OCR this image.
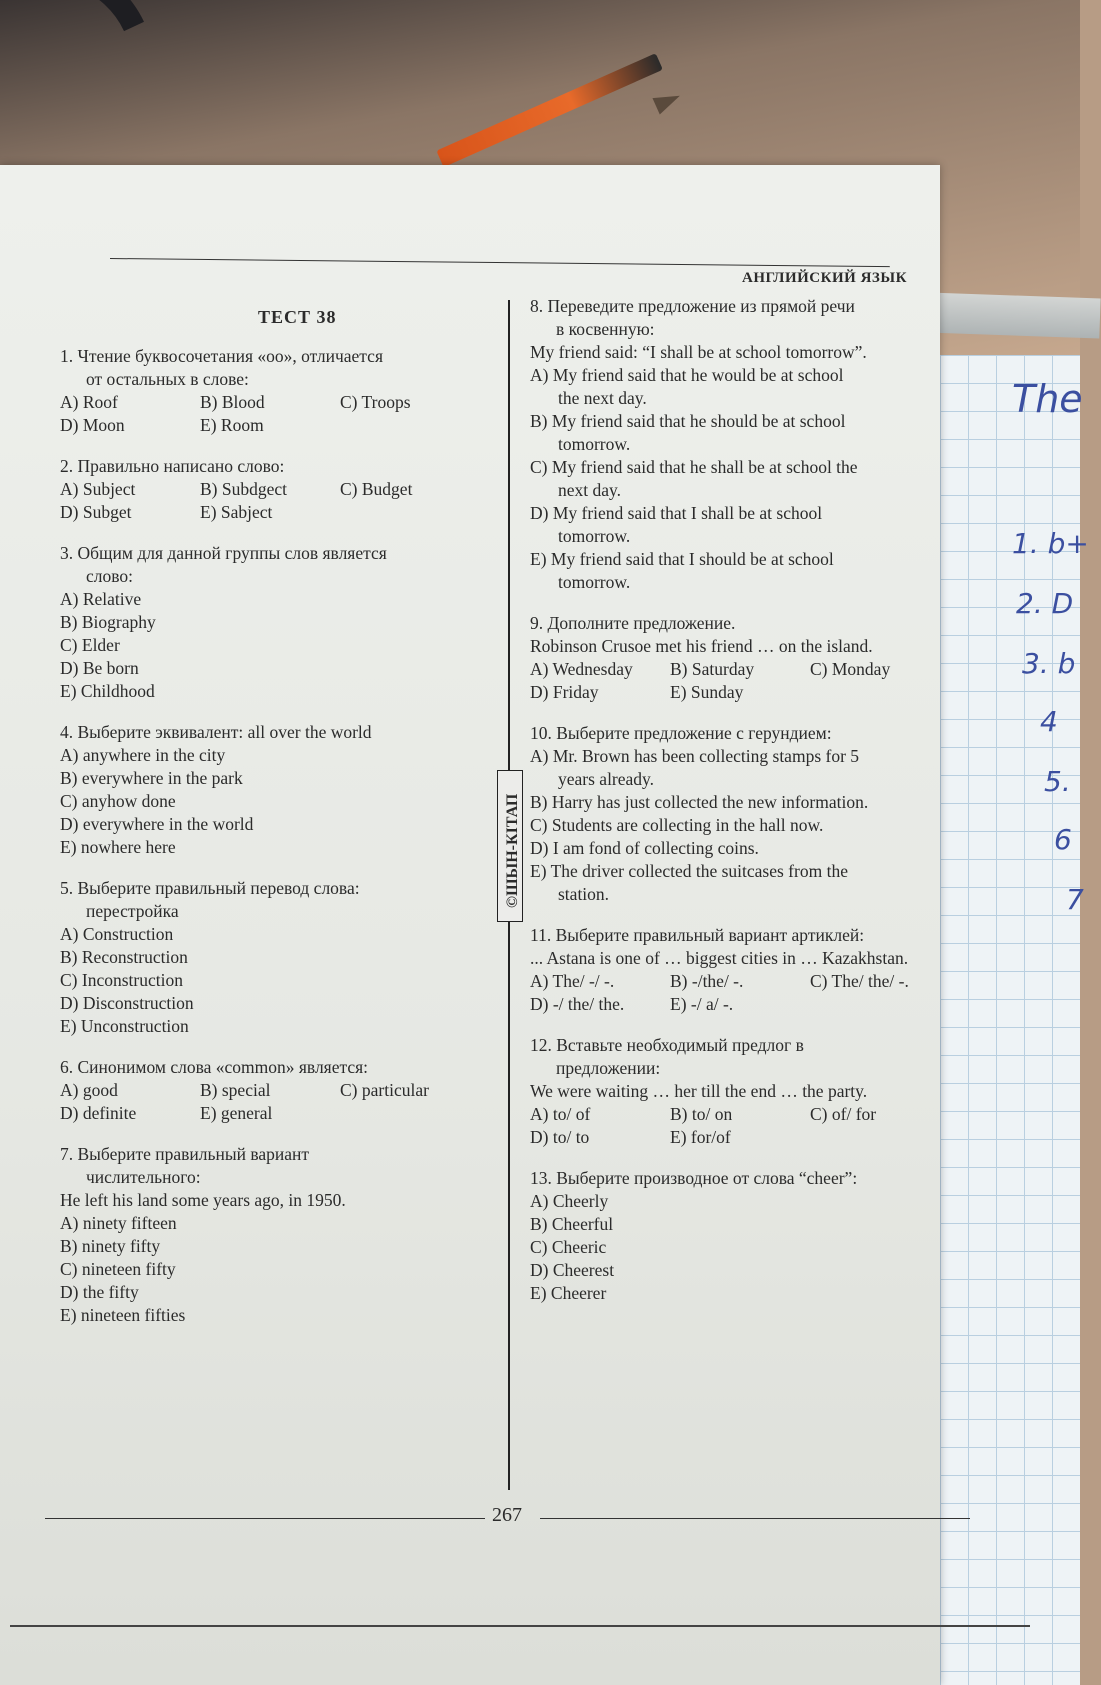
The
1. b+
2. D
3. b
4
5.
6
7
АНГЛИЙСКИЙ ЯЗЫК
ТЕСТ 38
1. Чтение буквосочетания «оо», отличается
от остальных в слове:
A) Roof	B) Blood	C) Troops
D) Moon	E) Room
2. Правильно написано слово:
A) Subject	B) Subdgect	C) Budget
D) Subget	E) Sabject
3. Общим для данной группы слов является
слово:
A) Relative
B) Biography
C) Elder
D) Be born
E) Childhood
4. Выберите эквивалент: all over the world
A) anywhere in the city
B) everywhere in the park
C) anyhow done
D) everywhere in the world
E) nowhere here
5. Выберите правильный перевод слова:
перестройка
A) Construction
B) Reconstruction
C) Inconstruction
D) Disconstruction
E) Unconstruction
6. Синонимом слова «common» является:
A) good	B) special	C) particular
D) definite	E) general
7. Выберите правильный вариант
числительного:
He left his land some years ago, in 1950.
A) ninety fifteen
B) ninety fifty
C) nineteen fifty
D) the fifty
E) nineteen fifties
©ШЫН-КІТАП
8. Переведите предложение из прямой речи
в косвенную:
My friend said: “I shall be at school tomorrow”.
A) My friend said that he would be at school
the next day.
B) My friend said that he should be at school
tomorrow.
C) My friend said that he shall be at school the
next day.
D) My friend said that I shall be at school
tomorrow.
E) My friend said that I should be at school
tomorrow.
9. Дополните предложение.
Robinson Crusoe met his friend … on the island.
A) Wednesday	B) Saturday	C) Monday
D) Friday	E) Sunday
10. Выберите предложение с герундием:
A) Mr. Brown has been collecting stamps for 5
years already.
B) Harry has just collected the new information.
C) Students are collecting in the hall now.
D) I am fond of collecting coins.
E) The driver collected the suitcases from the
station.
11. Выберите правильный вариант артиклей:
... Astana is one of … biggest cities in … Kazakhstan.
A) The/ -/ -.	B) -/the/ -.	C) The/ the/ -.
D) -/ the/ the.	E) -/ a/ -.
12. Вставьте необходимый предлог в
предложении:
We were waiting … her till the end … the party.
A) to/ of	B) to/ on	C) of/ for
D) to/ to	E) for/of
13. Выберите производное от слова “cheer”:
A) Cheerly
B) Cheerful
C) Cheeric
D) Cheerest
E) Cheerer
267
